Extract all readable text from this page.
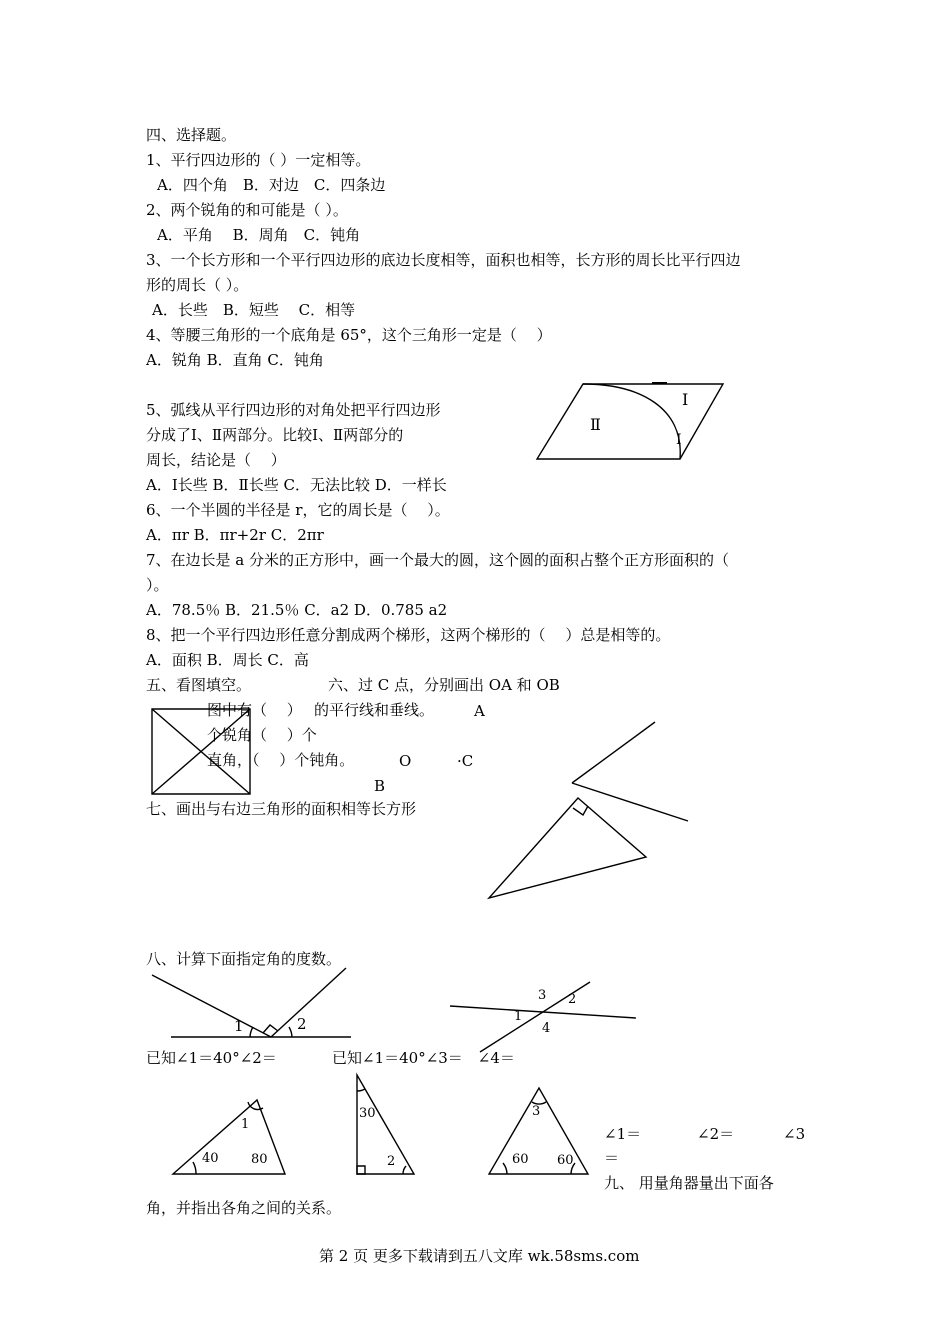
四、选择题。
1、平行四边形的（ ）一定相等。
A．四个角　B．对边　C．四条边
2、两个锐角的和可能是（ ）。
A．平角　 B．周角　C．钝角
3、一个长方形和一个平行四边形的底边长度相等，面积也相等，长方形的周长比平行四边
形的周长（ ）。
A．长些　B．短些　 C．相等
4、等腰三角形的一个底角是 65°，这个三角形一定是（　 ）
A．锐角 B．直角 C．钝角
5、弧线从平行四边形的对角处把平行四边形
分成了Ⅰ、Ⅱ两部分。比较Ⅰ、Ⅱ两部分的
周长，结论是（　 ）
A．Ⅰ长些 B．Ⅱ长些 C．无法比较 D．一样长
6、一个半圆的半径是 r，它的周长是（　 ）。
A．πr B．πr+2r C．2πr
7、在边长是 a 分米的正方形中，画一个最大的圆，这个圆的面积占整个正方形面积的（
）。
A．78.5％ B．21.5％ C．a2 D．0.785 a2
8、把一个平行四边形任意分割成两个梯形，这两个梯形的（　 ）总是相等的。
A．面积 B．周长 C．高
五、看图填空。	六、过 C 点，分别画出 OA 和 OB
图中有（　 ）　 的平行线和垂线。
个锐角（　 ）个
直角，（　 ）个钝角。
A
O	·C
B
七、画出与右边三角形的面积相等长方形
八、计算下面指定角的度数。
已知∠1＝40°∠2＝	已知∠1＝40°∠3＝　∠4＝
1	2
3 2
1
4
1
40 80
30
2
3
60 60
∠1＝	∠2＝	∠3
＝
九、 用量角器量出下面各
角，并指出各角之间的关系。
Ⅱ
Ⅰ
Ⅰ
第 2 页 更多下载请到五八文库 wk.58sms.com
